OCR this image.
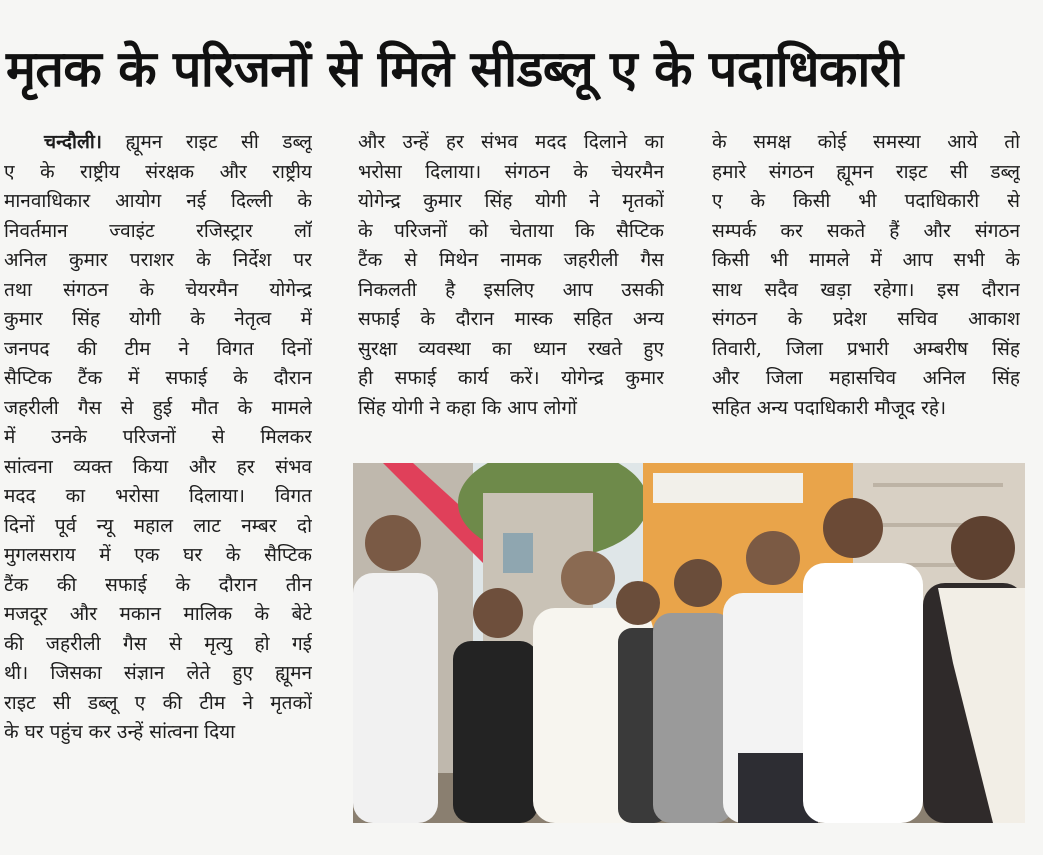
मृतक के परिजनों से मिले सीडब्लू ए के पदाधिकारी
चन्दौली। ह्यूमन राइट सी डब्लू
ए के राष्ट्रीय संरक्षक और राष्ट्रीय
मानवाधिकार आयोग नई दिल्ली के
निवर्तमान ज्वाइंट रजिस्ट्रार लॉ
अनिल कुमार पराशर के निर्देश पर
तथा संगठन के चेयरमैन योगेन्द्र
कुमार सिंह योगी के नेतृत्व में
जनपद की टीम ने विगत दिनों
सैप्टिक टैंक में सफाई के दौरान
जहरीली गैस से हुई मौत के मामले
में उनके परिजनों से मिलकर
सांत्वना व्यक्त किया और हर संभव
मदद का भरोसा दिलाया। विगत
दिनों पूर्व न्यू महाल लाट नम्बर दो
मुगलसराय में एक घर के सैप्टिक
टैंक की सफाई के दौरान तीन
मजदूर और मकान मालिक के बेटे
की जहरीली गैस से मृत्यु हो गई
थी। जिसका संज्ञान लेते हुए ह्यूमन
राइट सी डब्लू ए की टीम ने मृतकों
के घर पहुंच कर उन्हें सांत्वना दिया
और उन्हें हर संभव मदद दिलाने का
भरोसा दिलाया। संगठन के चेयरमैन
योगेन्द्र कुमार सिंह योगी ने मृतकों
के परिजनों को चेताया कि सैप्टिक
टैंक से मिथेन नामक जहरीली गैस
निकलती है इसलिए आप उसकी
सफाई के दौरान मास्क सहित अन्य
सुरक्षा व्यवस्था का ध्यान रखते हुए
ही सफाई कार्य करें। योगेन्द्र कुमार
सिंह योगी ने कहा कि आप लोगों
के समक्ष कोई समस्या आये तो
हमारे संगठन ह्यूमन राइट सी डब्लू
ए के किसी भी पदाधिकारी से
सम्पर्क कर सकते हैं और संगठन
किसी भी मामले में आप सभी के
साथ सदैव खड़ा रहेगा। इस दौरान
संगठन के प्रदेश सचिव आकाश
तिवारी, जिला प्रभारी अम्बरीष सिंह
और जिला महासचिव अनिल सिंह
सहित अन्य पदाधिकारी मौजूद रहे।
